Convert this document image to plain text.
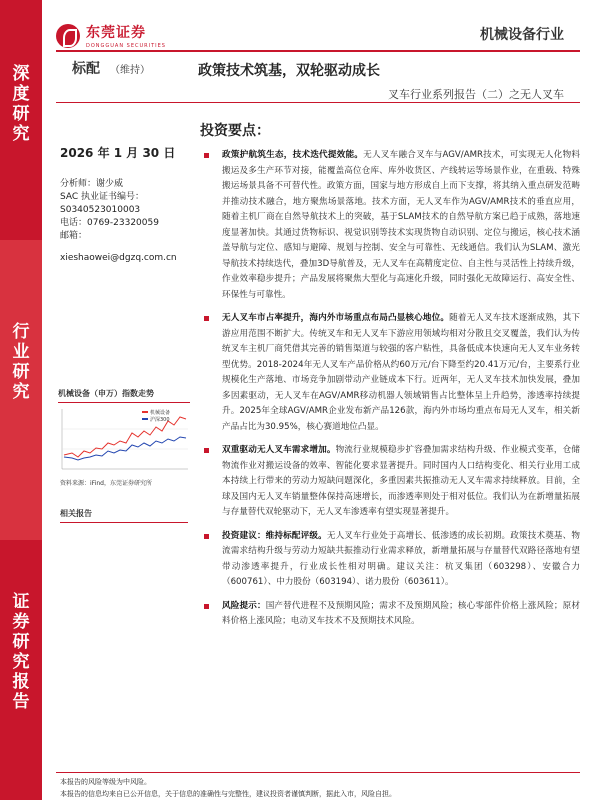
深
度
研
究
行
业
研
究
证
券
研
究
报
告
东莞证券
DONGGUAN SECURITIES
机械设备行业
标配 （维持）	政策技术筑基，双轮驱动成长
叉车行业系列报告（二）之无人叉车
2026 年 1 月 30 日
分析师：谢少威
SAC 执业证书编号：
S0340523010003
电话：0769-23320059
邮箱：
xieshaowei@dgzq.com.cn
机械设备（申万）指数走势
机械设备
沪深300
资料来源：iFind，东莞证券研究所
相关报告
投资要点：
政策护航筑生态，技术迭代提效能。无人叉车融合叉车与AGV/AMR技术，可实现无人化物料搬运及多生产环节对接，能覆盖高位仓库、库外收货区、产线转运等场景作业，在重载、特殊搬运场景具备不可替代性。政策方面，国家与地方形成自上而下支撑，将其纳入重点研发范畴并推动技术融合，地方聚焦场景落地。技术方面，无人叉车作为AGV/AMR技术的垂直应用，随着主机厂商在自然导航技术上的突破，基于SLAM技术的自然导航方案已趋于成熟，落地速度显著加快。其通过货物标识、视觉识别等技术实现货物自动识别、定位与搬运，核心技术涵盖导航与定位、感知与避障、规划与控制、安全与可靠性、无线通信。我们认为SLAM、激光导航技术持续迭代，叠加3D导航普及，无人叉车在高精度定位、自主性与灵活性上持续升级，作业效率稳步提升；产品发展将聚焦大型化与高速化升级，同时强化无故障运行、高安全性、环保性与可靠性。
无人叉车市占率提升，海内外市场重点布局凸显核心地位。随着无人叉车技术逐渐成熟，其下游应用范围不断扩大。传统叉车和无人叉车下游应用领域均相对分散且交叉覆盖，我们认为传统叉车主机厂商凭借其完善的销售渠道与较强的客户粘性，具备低成本快速向无人叉车业务转型优势。2018-2024年无人叉车产品价格从约60万元/台下降至约20.41万元/台，主要系行业规模化生产落地、市场竞争加剧带动产业链成本下行。近两年，无人叉车技术加快发展，叠加多因素驱动，无人叉车在AGV/AMR移动机器人领域销售占比整体呈上升趋势，渗透率持续提升。2025年全球AGV/AMR企业发布新产品126款，海内外市场均重点布局无人叉车，相关新产品占比为30.95%，核心赛道地位凸显。
双重驱动无人叉车需求增加。物流行业规模稳步扩容叠加需求结构升级、作业模式变革，仓储物流作业对搬运设备的效率、智能化要求显著提升。同时国内人口结构变化、相关行业用工成本持续上行带来的劳动力短缺问题深化，多重因素共振推动无人叉车需求持续释放。目前，全球及国内无人叉车销量整体保持高速增长，而渗透率则处于相对低位。我们认为在新增量拓展与存量替代双轮驱动下，无人叉车渗透率有望实现显著提升。
投资建议：维持标配评级。无人叉车行业处于高增长、低渗透的成长初期。政策技术奠基、物流需求结构升级与劳动力短缺共振推动行业需求释放，新增量拓展与存量替代双路径落地有望带动渗透率提升，行业成长性相对明确。建议关注：杭叉集团（603298）、安徽合力（600761）、中力股份（603194）、诺力股份（603611）。
风险提示：国产替代进程不及预期风险；需求不及预期风险；核心零部件价格上涨风险；原材料价格上涨风险；电动叉车技术不及预期技术风险。
本报告的风险等级为中风险。
本报告的信息均来自已公开信息，关于信息的准确性与完整性，建议投资者谨慎判断，据此入市，风险自担。
